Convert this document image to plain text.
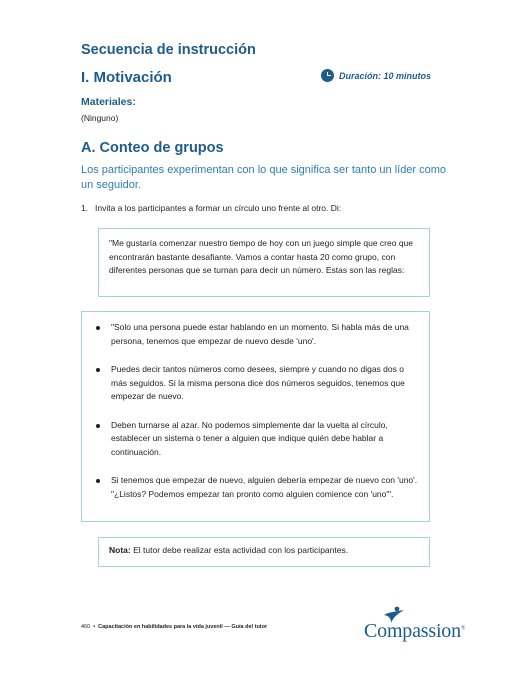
Secuencia de instrucción
I. Motivación	Duración: 10 minutos
Materiales:
(Ninguno)
A. Conteo de grupos
Los participantes experimentan con lo que significa ser tanto un líder como un seguidor.
1. Invita a los participantes a formar un círculo uno frente al otro. Di:
"Me gustaría comenzar nuestro tiempo de hoy con un juego simple que creo que encontrarán bastante desafiante. Vamos a contar hasta 20 como grupo, con diferentes personas que se turnan para decir un número. Estas son las reglas:
"Solo una persona puede estar hablando en un momento. Si habla más de una persona, tenemos que empezar de nuevo desde 'uno'.
Puedes decir tantos números como desees, siempre y cuando no digas dos o más seguidos. Si la misma persona dice dos números seguidos, tenemos que empezar de nuevo.
Deben turnarse al azar. No podemos simplemente dar la vuelta al círculo, establecer un sistema o tener a alguien que indique quién debe hablar a continuación.
Si tenemos que empezar de nuevo, alguien debería empezar de nuevo con 'uno'. "¿Listos? Podemos empezar tan pronto como alguien comience con 'uno'".
Nota: El tutor debe realizar esta actividad con los participantes.
460 • Capacitación en habilidades para la vida juvenil — Guía del tutor	Compassion®
